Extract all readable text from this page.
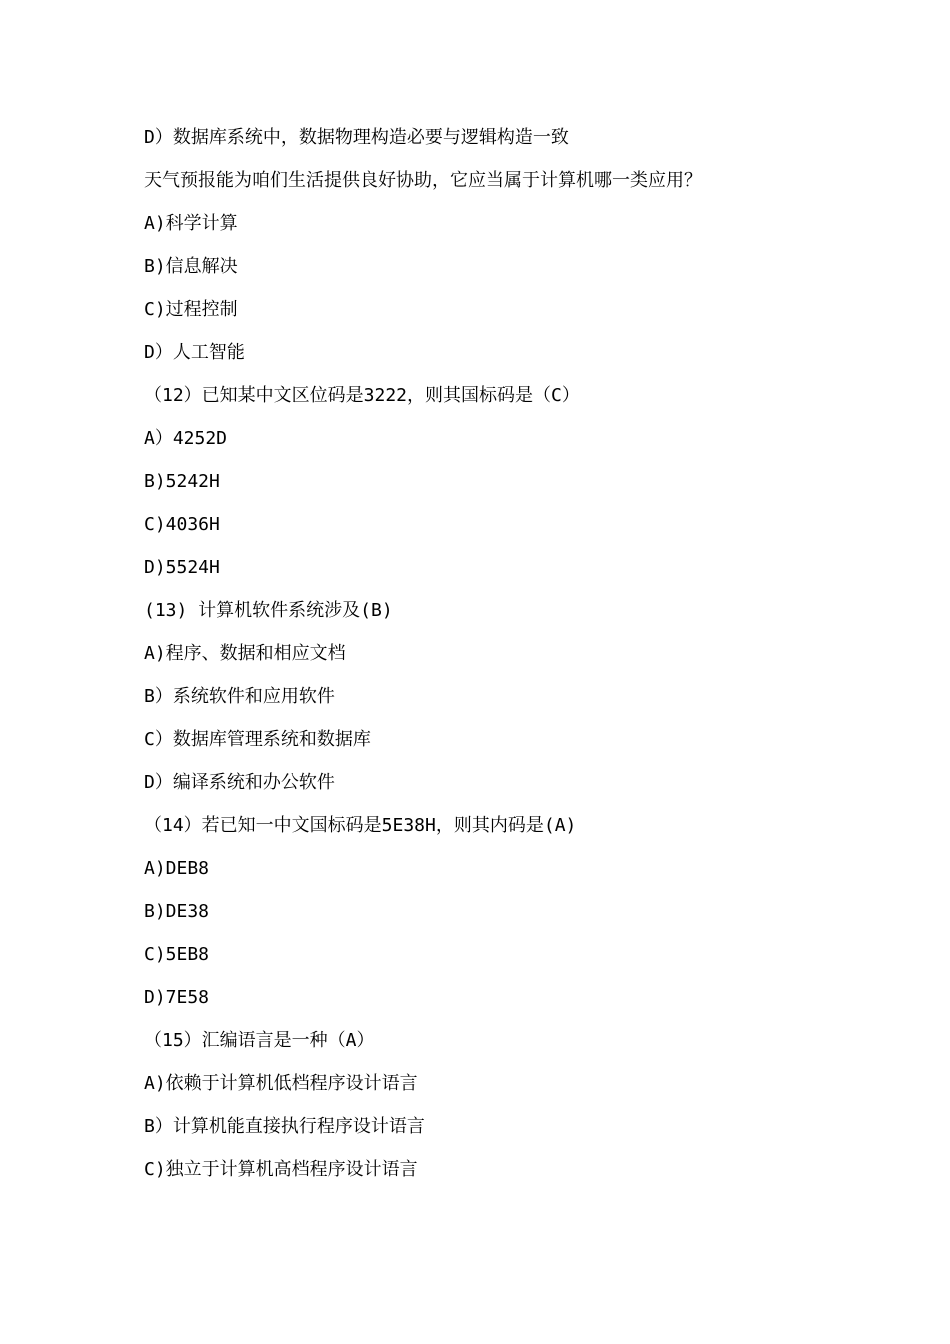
D）数据库系统中，数据物理构造必要与逻辑构造一致
天气预报能为咱们生活提供良好协助，它应当属于计算机哪一类应用？
A)科学计算
B)信息解决
C)过程控制
D）人工智能
（12）已知某中文区位码是3222，则其国标码是（C）
A）4252D
B)5242H
C)4036H
D)5524H
(13) 计算机软件系统涉及(B)
A)程序、数据和相应文档
B）系统软件和应用软件
C）数据库管理系统和数据库
D）编译系统和办公软件
（14）若已知一中文国标码是5E38H，则其内码是(A)
A)DEB8
B)DE38
C)5EB8
D)7E58
（15）汇编语言是一种（A）
A)依赖于计算机低档程序设计语言
B）计算机能直接执行程序设计语言
C)独立于计算机高档程序设计语言
